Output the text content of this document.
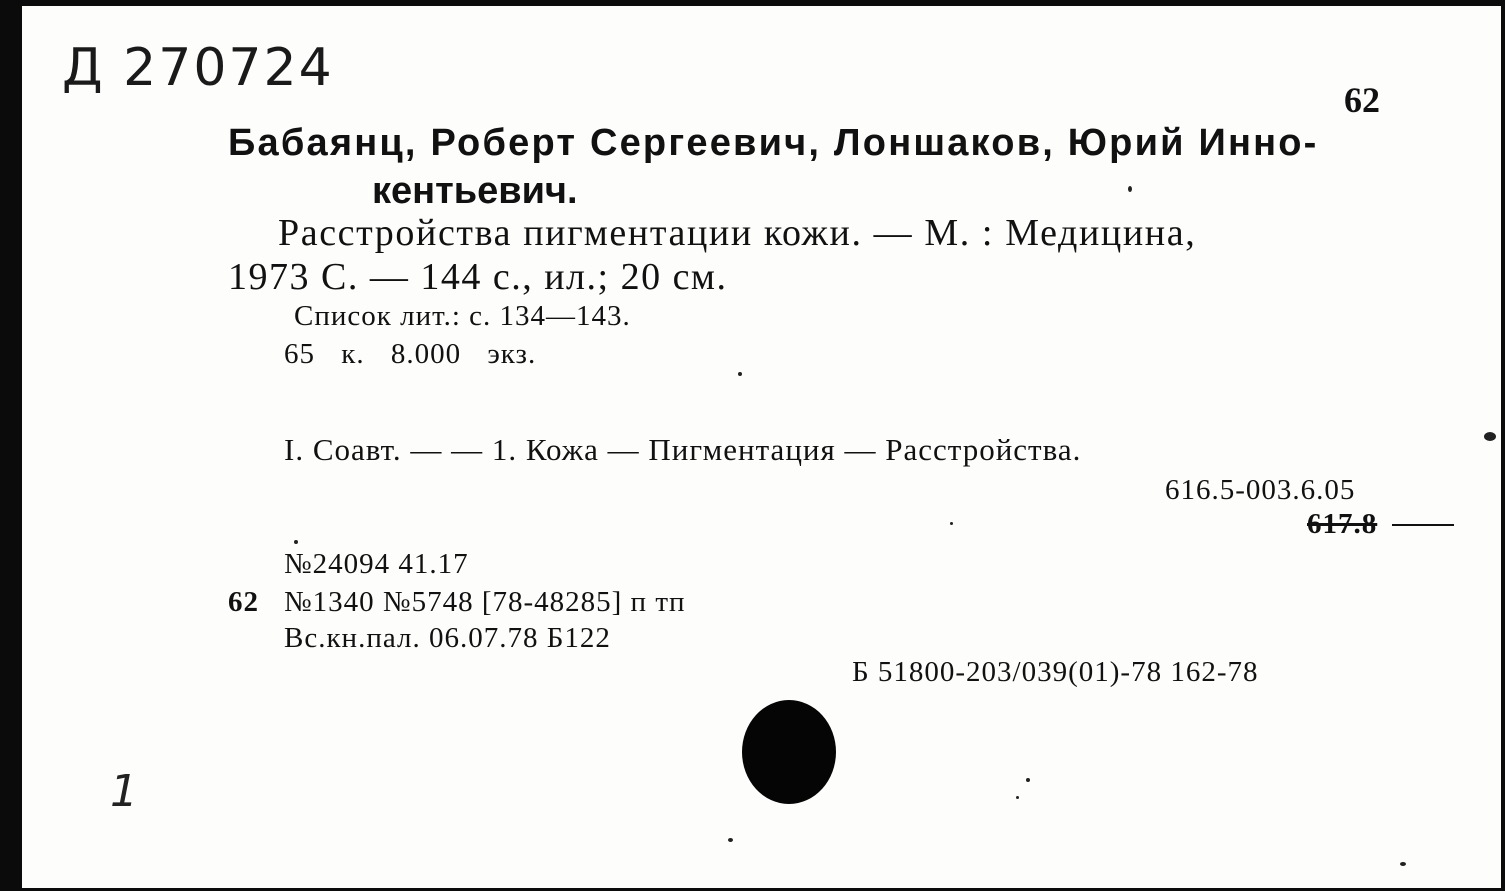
Д 270724
62
Бабаянц, Роберт Сергеевич, Лоншаков, Юрий Инно-
кентьевич.
Расстройства пигментации кожи. — М. : Медицина,
1973 С. — 144 с., ил.; 20 см.
Список лит.: с. 134—143.
65 к. 8.000 экз.
I. Соавт. — — 1. Кожа — Пигментация — Расстройства.
616.5-003.6.05
617.8
№24094 41.17
62 №1340 №5748 [78-48285] п тп
Вс.кн.пал. 06.07.78 Б122
Б 51800-203/039(01)-78 162-78
1
